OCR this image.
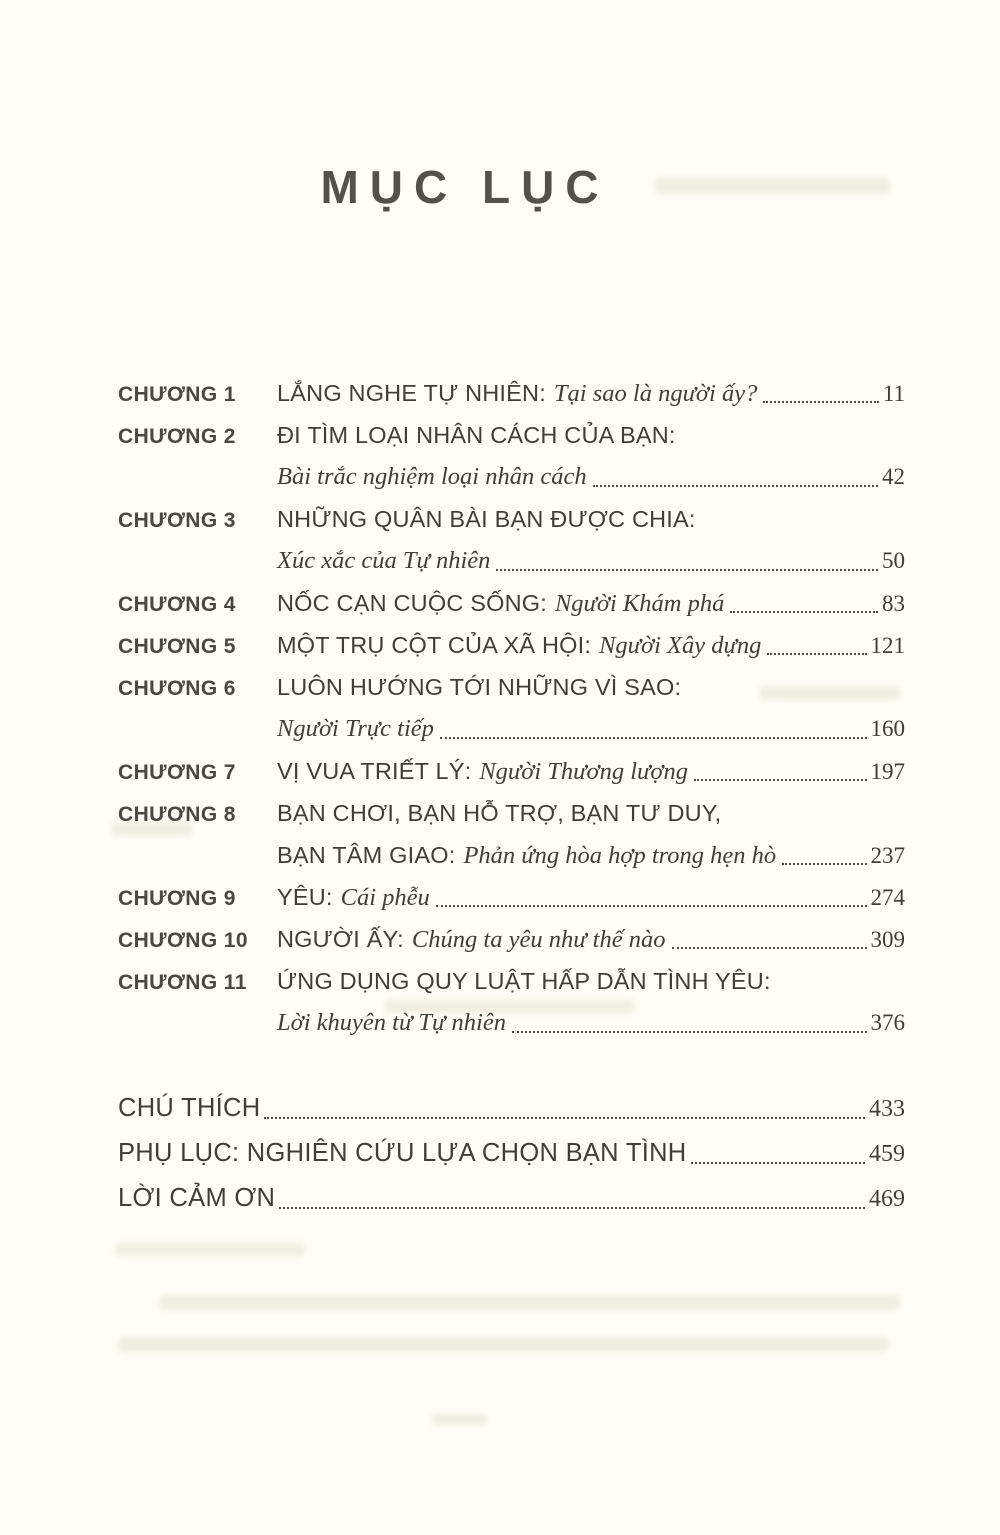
MỤC LỤC
CHƯƠNG 1	LẮNG NGHE TỰ NHIÊN: Tại sao là người ấy?	11
CHƯƠNG 2	ĐI TÌM LOẠI NHÂN CÁCH CỦA BẠN:
Bài trắc nghiệm loại nhân cách	42
CHƯƠNG 3	NHỮNG QUÂN BÀI BẠN ĐƯỢC CHIA:
Xúc xắc của Tự nhiên	50
CHƯƠNG 4	NỐC CẠN CUỘC SỐNG: Người Khám phá	83
CHƯƠNG 5	MỘT TRỤ CỘT CỦA XÃ HỘI: Người Xây dựng	121
CHƯƠNG 6	LUÔN HƯỚNG TỚI NHỮNG VÌ SAO:
Người Trực tiếp	160
CHƯƠNG 7	VỊ VUA TRIẾT LÝ: Người Thương lượng	197
CHƯƠNG 8	BẠN CHƠI, BẠN HỖ TRỢ, BẠN TƯ DUY,
BẠN TÂM GIAO: Phản ứng hòa hợp trong hẹn hò	237
CHƯƠNG 9	YÊU: Cái phễu	274
CHƯƠNG 10	NGƯỜI ẤY: Chúng ta yêu như thế nào	309
CHƯƠNG 11	ỨNG DỤNG QUY LUẬT HẤP DẪN TÌNH YÊU:
Lời khuyên từ Tự nhiên	376
CHÚ THÍCH	433
PHỤ LỤC: NGHIÊN CỨU LỰA CHỌN BẠN TÌNH	459
LỜI CẢM ƠN	469
